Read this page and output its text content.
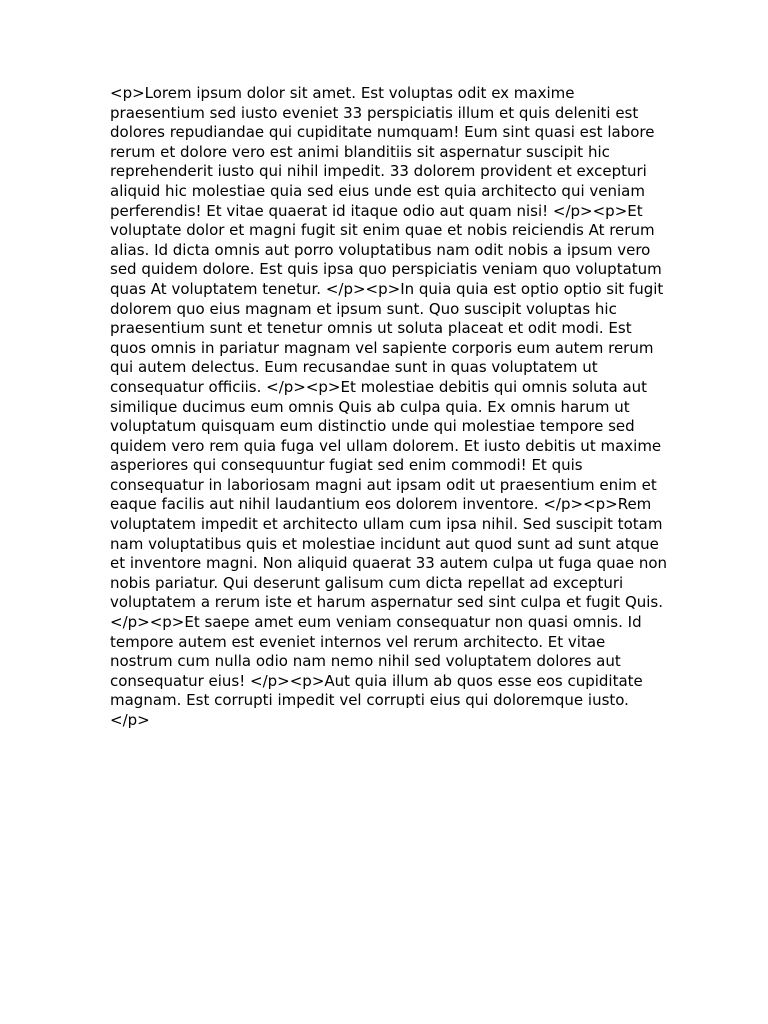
<p>Lorem ipsum dolor sit amet. Est voluptas odit ex maxime praesentium sed iusto eveniet 33 perspiciatis illum et quis deleniti est dolores repudiandae qui cupiditate numquam! Eum sint quasi est labore rerum et dolore vero est animi blanditiis sit aspernatur suscipit hic reprehenderit iusto qui nihil impedit. 33 dolorem provident et excepturi aliquid hic molestiae quia sed eius unde est quia architecto qui veniam perferendis! Et vitae quaerat id itaque odio aut quam nisi! </p><p>Et voluptate dolor et magni fugit sit enim quae et nobis reiciendis At rerum alias. Id dicta omnis aut porro voluptatibus nam odit nobis a ipsum vero sed quidem dolore. Est quis ipsa quo perspiciatis veniam quo voluptatum quas At voluptatem tenetur. </p><p>In quia quia est optio optio sit fugit dolorem quo eius magnam et ipsum sunt. Quo suscipit voluptas hic praesentium sunt et tenetur omnis ut soluta placeat et odit modi. Est quos omnis in pariatur magnam vel sapiente corporis eum autem rerum qui autem delectus. Eum recusandae sunt in quas voluptatem ut consequatur officiis. </p><p>Et molestiae debitis qui omnis soluta aut similique ducimus eum omnis Quis ab culpa quia. Ex omnis harum ut voluptatum quisquam eum distinctio unde qui molestiae tempore sed quidem vero rem quia fuga vel ullam dolorem. Et iusto debitis ut maxime asperiores qui consequuntur fugiat sed enim commodi! Et quis consequatur in laboriosam magni aut ipsam odit ut praesentium enim et eaque facilis aut nihil laudantium eos dolorem inventore. </p><p>Rem voluptatem impedit et architecto ullam cum ipsa nihil. Sed suscipit totam nam voluptatibus quis et molestiae incidunt aut quod sunt ad sunt atque et inventore magni. Non aliquid quaerat 33 autem culpa ut fuga quae non nobis pariatur. Qui deserunt galisum cum dicta repellat ad excepturi voluptatem a rerum iste et harum aspernatur sed sint culpa et fugit Quis. </p><p>Et saepe amet eum veniam consequatur non quasi omnis. Id tempore autem est eveniet internos vel rerum architecto. Et vitae nostrum cum nulla odio nam nemo nihil sed voluptatem dolores aut consequatur eius! </p><p>Aut quia illum ab quos esse eos cupiditate magnam. Est corrupti impedit vel corrupti eius qui doloremque iusto. </p>
